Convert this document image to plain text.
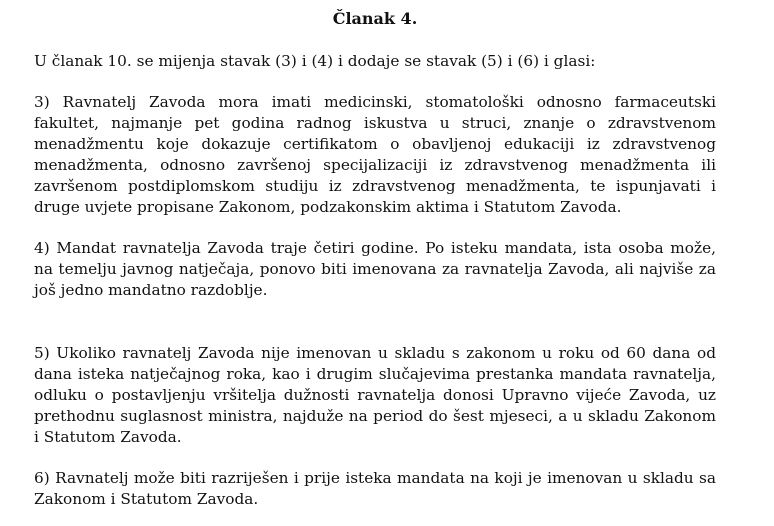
Članak 4.

U članak 10. se mijenja stavak (3) i (4) i dodaje se stavak (5) i (6) i glasi:

3) Ravnatelj Zavoda mora imati medicinski, stomatološki odnosno farmaceutski fakultet, najmanje pet godina radnog iskustva u struci, znanje o zdravstvenom menadžmentu koje dokazuje certifikatom o obavljenoj edukaciji iz zdravstvenog menadžmenta, odnosno završenoj specijalizaciji iz zdravstvenog menadžmenta ili završenom postdiplomskom studiju iz zdravstvenog menadžmenta, te ispunjavati i druge uvjete propisane Zakonom, podzakonskim aktima i Statutom Zavoda.

4) Mandat ravnatelja Zavoda traje četiri godine. Po isteku mandata, ista osoba može, na temelju javnog natječaja, ponovo biti imenovana za ravnatelja Zavoda, ali najviše za još jedno mandatno razdoblje.

5) Ukoliko ravnatelj Zavoda nije imenovan u skladu s zakonom u roku od 60 dana od dana isteka natječajnog roka, kao i drugim slučajevima prestanka mandata ravnatelja, odluku o postavljenju vršitelja dužnosti ravnatelja donosi Upravno vijeće Zavoda, uz prethodnu suglasnost ministra, najduže na period do šest mjeseci, a u skladu Zakonom i Statutom Zavoda.

6) Ravnatelj može biti razriješen i prije isteka mandata na koji je imenovan u skladu sa Zakonom i Statutom Zavoda.
